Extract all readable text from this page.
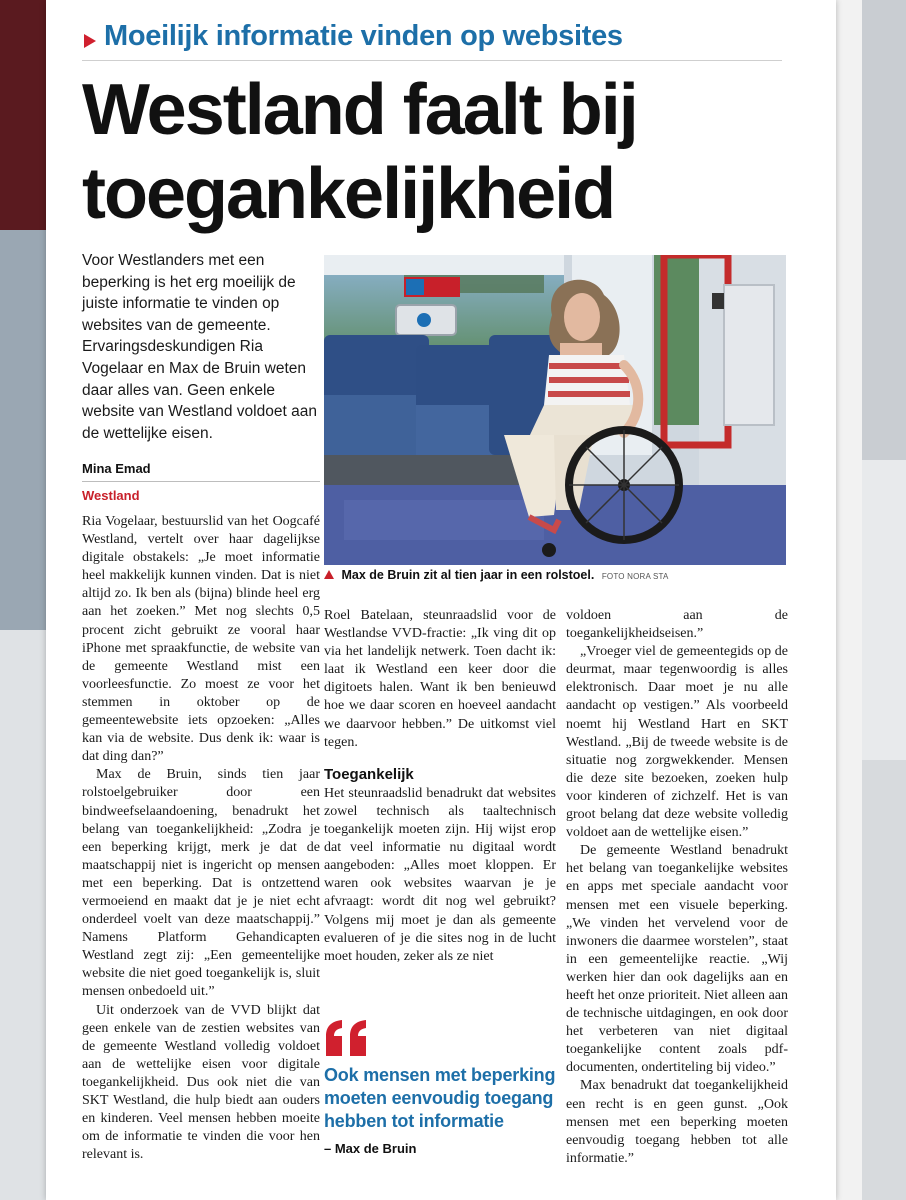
Moeilijk informatie vinden op websites
Westland faalt bij toegankelijkheid
Voor Westlanders met een beperking is het erg moeilijk de juiste informatie te vinden op websites van de gemeente. Ervaringsdeskundigen Ria Vogelaar en Max de Bruin weten daar alles van. Geen enkele website van Westland voldoet aan de wettelijke eisen.
Mina Emad
Westland
Max de Bruin zit al tien jaar in een rolstoel. FOTO NORA STA

Ria Vogelaar, bestuurslid van het Oogcafé Westland, vertelt over haar dagelijkse digitale obstakels: „Je moet informatie heel makkelijk kunnen vinden. Dat is niet altijd zo. Ik ben als (bijna) blinde heel erg aan het zoeken.” Met nog slechts 0,5 procent zicht gebruikt ze vooral haar iPhone met spraakfunctie, de website van de gemeente Westland mist een voorleesfunctie. Zo moest ze voor het stemmen in oktober op de gemeentewebsite iets opzoeken: „Alles kan via de website. Dus denk ik: waar is dat ding dan?”

Max de Bruin, sinds tien jaar rolstoelgebruiker door een bindweefselaandoening, benadrukt het belang van toegankelijkheid: „Zodra je een beperking krijgt, merk je dat de maatschappij niet is ingericht op mensen met een beperking. Dat is ontzettend vermoeiend en maakt dat je je niet echt onderdeel voelt van deze maatschappij.” Namens Platform Gehandicapten Westland zegt zij: „Een gemeentelijke website die niet goed toegankelijk is, sluit mensen onbedoeld uit.”

Uit onderzoek van de VVD blijkt dat geen enkele van de zestien websites van de gemeente Westland volledig voldoet aan de wettelijke eisen voor digitale toegankelijkheid. Dus ook niet die van SKT Westland, die hulp biedt aan ouders en kinderen. Veel mensen hebben moeite om de informatie te vinden die voor hen relevant is.

Roel Batelaan, steunraadslid voor de Westlandse VVD-fractie: „Ik ving dit op via het landelijk netwerk. Toen dacht ik: laat ik Westland een keer door die digitoets halen. Want ik ben benieuwd hoe we daar scoren en hoeveel aandacht we daarvoor hebben.” De uitkomst viel tegen.

Toegankelijk

Het steunraadslid benadrukt dat websites zowel technisch als taaltechnisch toegankelijk moeten zijn. Hij wijst erop dat veel informatie nu digitaal wordt aangeboden: „Alles moet kloppen. Er waren ook websites waarvan je je afvraagt: wordt dit nog wel gebruikt? Volgens mij moet je dan als gemeente evalueren of je die sites nog in de lucht moet houden, zeker als ze niet

Ook mensen met beperking moeten eenvoudig toegang hebben tot informatie
– Max de Bruin

voldoen aan de toegankelijkheidseisen.”

„Vroeger viel de gemeentegids op de deurmat, maar tegenwoordig is alles elektronisch. Daar moet je nu alle aandacht op vestigen.” Als voorbeeld noemt hij Westland Hart en SKT Westland. „Bij de tweede website is de situatie nog zorgwekkender. Mensen die deze site bezoeken, zoeken hulp voor kinderen of zichzelf. Het is van groot belang dat deze website volledig voldoet aan de wettelijke eisen.”

De gemeente Westland benadrukt het belang van toegankelijke websites en apps met speciale aandacht voor mensen met een visuele beperking. „We vinden het vervelend voor de inwoners die daarmee worstelen”, staat in een gemeentelijke reactie. „Wij werken hier dan ook dagelijks aan en heeft het onze prioriteit. Niet alleen aan de technische uitdagingen, en ook door het verbeteren van niet digitaal toegankelijke content zoals pdf-documenten, ondertiteling bij video.”

Max benadrukt dat toegankelijkheid een recht is en geen gunst. „Ook mensen met een beperking moeten eenvoudig toegang hebben tot alle informatie.”
